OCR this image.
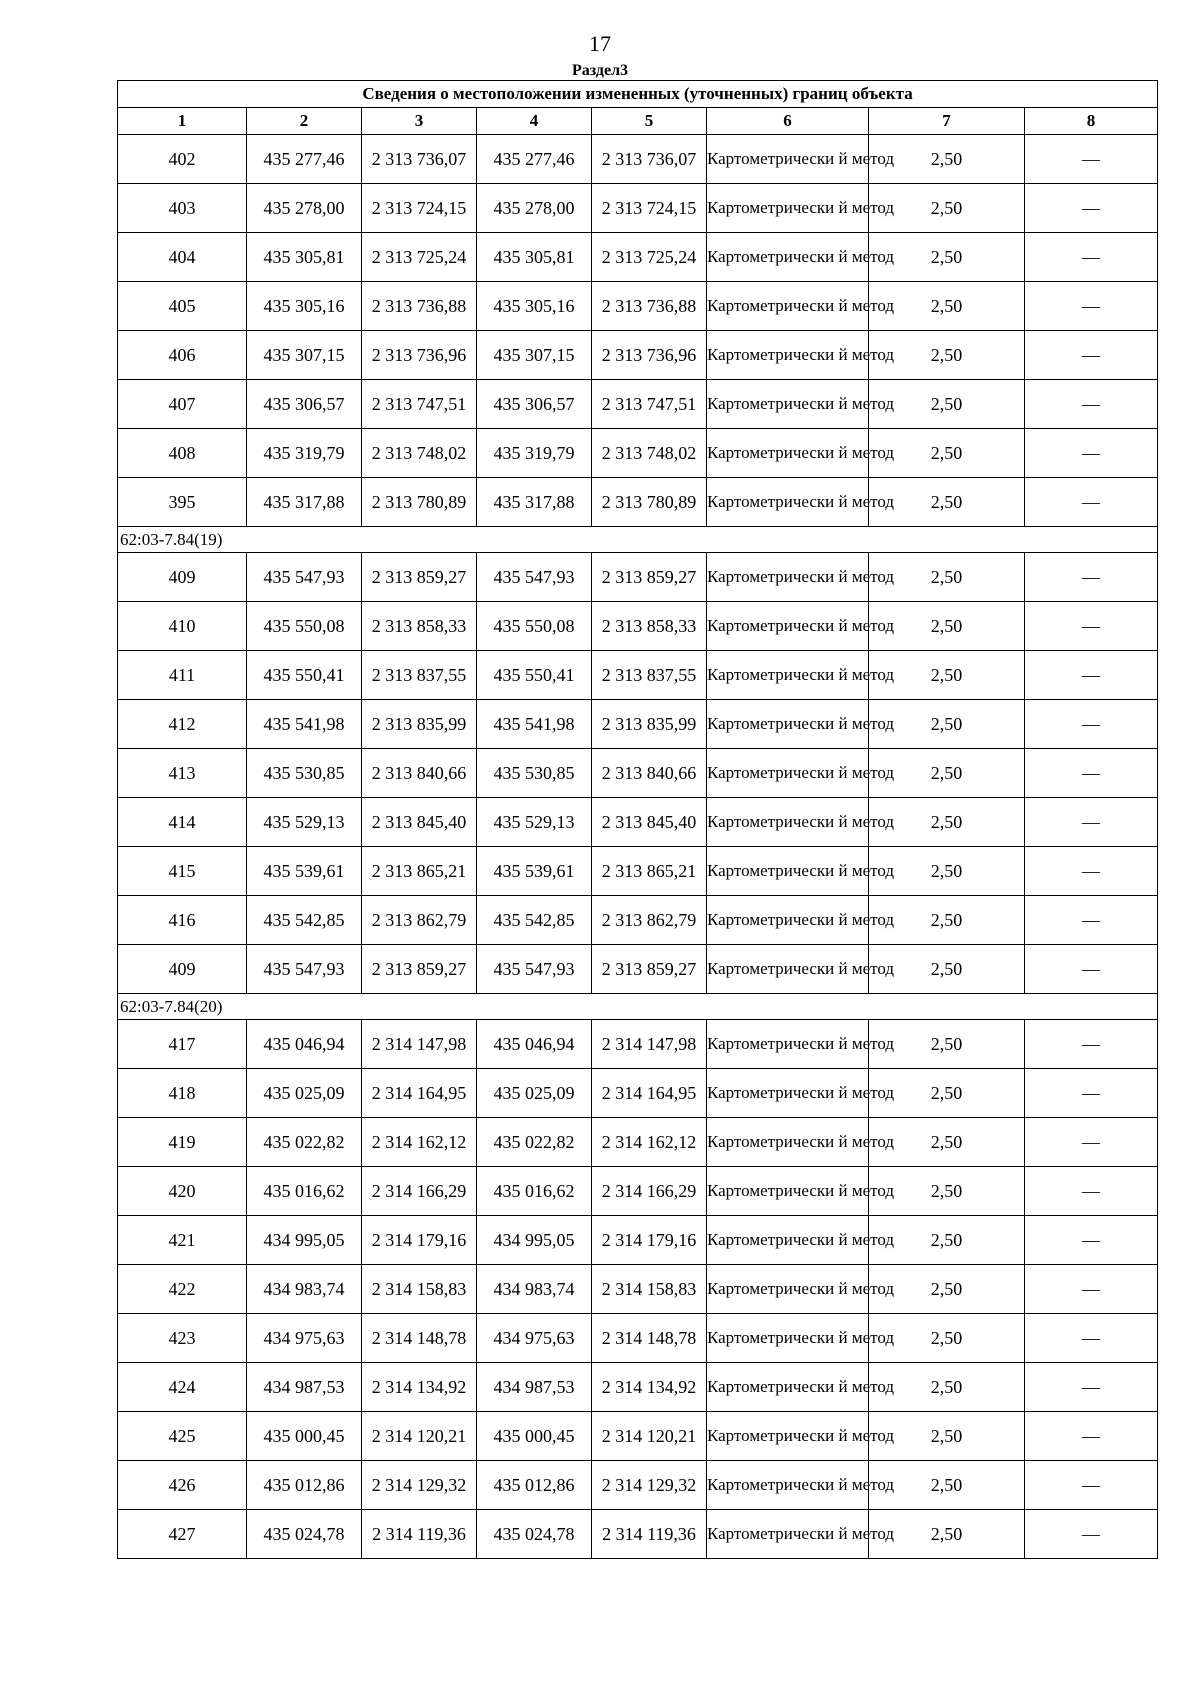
17
Раздел3
Сведения о местоположении измененных (уточненных) границ объекта							
1	2	3	4	5	6	7	8
402	435 277,46	2 313 736,07	435 277,46	2 313 736,07	Картометрически й метод	2,50	—
403	435 278,00	2 313 724,15	435 278,00	2 313 724,15	Картометрически й метод	2,50	—
404	435 305,81	2 313 725,24	435 305,81	2 313 725,24	Картометрически й метод	2,50	—
405	435 305,16	2 313 736,88	435 305,16	2 313 736,88	Картометрически й метод	2,50	—
406	435 307,15	2 313 736,96	435 307,15	2 313 736,96	Картометрически й метод	2,50	—
407	435 306,57	2 313 747,51	435 306,57	2 313 747,51	Картометрически й метод	2,50	—
408	435 319,79	2 313 748,02	435 319,79	2 313 748,02	Картометрически й метод	2,50	—
395	435 317,88	2 313 780,89	435 317,88	2 313 780,89	Картометрически й метод	2,50	—
62:03-7.84(19)							
409	435 547,93	2 313 859,27	435 547,93	2 313 859,27	Картометрически й метод	2,50	—
410	435 550,08	2 313 858,33	435 550,08	2 313 858,33	Картометрически й метод	2,50	—
411	435 550,41	2 313 837,55	435 550,41	2 313 837,55	Картометрически й метод	2,50	—
412	435 541,98	2 313 835,99	435 541,98	2 313 835,99	Картометрически й метод	2,50	—
413	435 530,85	2 313 840,66	435 530,85	2 313 840,66	Картометрически й метод	2,50	—
414	435 529,13	2 313 845,40	435 529,13	2 313 845,40	Картометрически й метод	2,50	—
415	435 539,61	2 313 865,21	435 539,61	2 313 865,21	Картометрически й метод	2,50	—
416	435 542,85	2 313 862,79	435 542,85	2 313 862,79	Картометрически й метод	2,50	—
409	435 547,93	2 313 859,27	435 547,93	2 313 859,27	Картометрически й метод	2,50	—
62:03-7.84(20)							
417	435 046,94	2 314 147,98	435 046,94	2 314 147,98	Картометрически й метод	2,50	—
418	435 025,09	2 314 164,95	435 025,09	2 314 164,95	Картометрически й метод	2,50	—
419	435 022,82	2 314 162,12	435 022,82	2 314 162,12	Картометрически й метод	2,50	—
420	435 016,62	2 314 166,29	435 016,62	2 314 166,29	Картометрически й метод	2,50	—
421	434 995,05	2 314 179,16	434 995,05	2 314 179,16	Картометрически й метод	2,50	—
422	434 983,74	2 314 158,83	434 983,74	2 314 158,83	Картометрически й метод	2,50	—
423	434 975,63	2 314 148,78	434 975,63	2 314 148,78	Картометрически й метод	2,50	—
424	434 987,53	2 314 134,92	434 987,53	2 314 134,92	Картометрически й метод	2,50	—
425	435 000,45	2 314 120,21	435 000,45	2 314 120,21	Картометрически й метод	2,50	—
426	435 012,86	2 314 129,32	435 012,86	2 314 129,32	Картометрически й метод	2,50	—
427	435 024,78	2 314 119,36	435 024,78	2 314 119,36	Картометрически й метод	2,50	—
